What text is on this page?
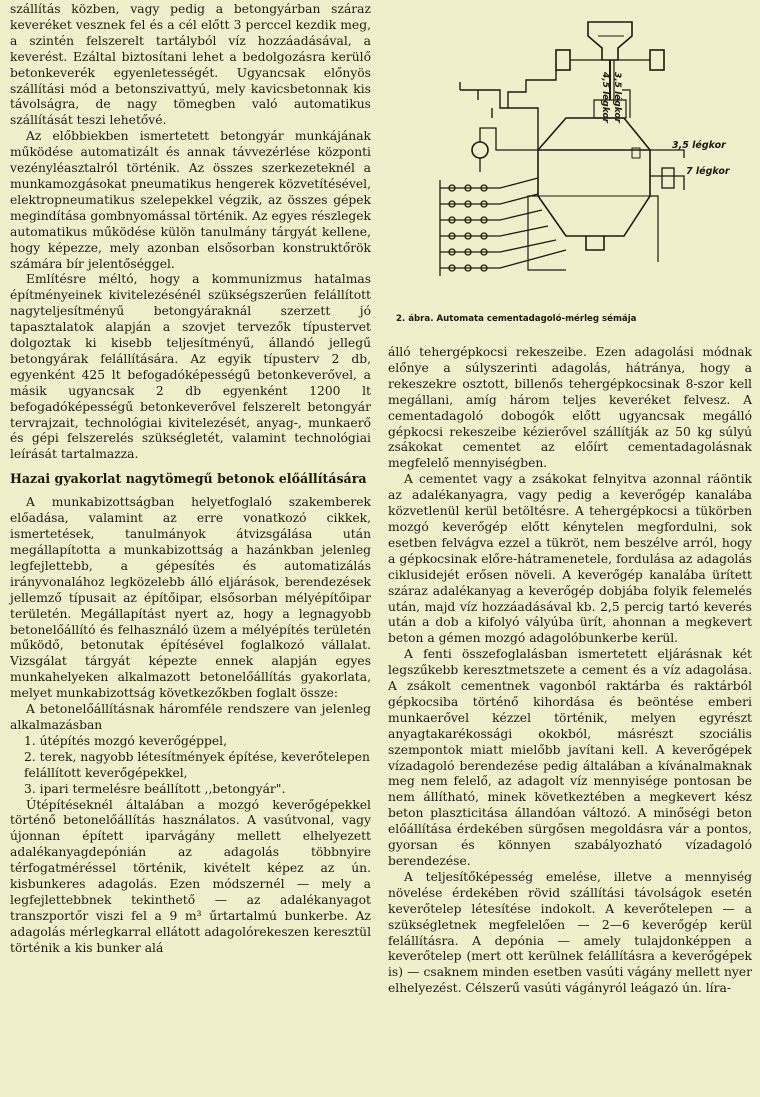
szállítás közben, vagy pedig a betongyárban száraz keveréket vesznek fel és a cél előtt 3 perccel kezdik meg, a szintén felszerelt tartályból víz hozzáadásával, a keverést. Ezáltal biztosítani lehet a bedolgozásra kerülő betonkeverék egyenletességét. Ugyancsak előnyös szállítási mód a betonszivattyú, mely kavicsbetonnak kis távolságra, de nagy tömegben való automatikus szállítását teszi lehetővé.

Az előbbiekben ismertetett betongyár munkájának működése automatizált és annak távvezérlése központi vezényléasztalról történik. Az összes szerkezeteknél a munkamozgásokat pneumatikus hengerek közvetítésével, elektropneumatikus szelepekkel végzik, az összes gépek megindítása gombnyomással történik. Az egyes részlegek automatikus működése külön tanulmány tárgyát kellene, hogy képezze, mely azonban elsősorban konstruktőrök számára bír jelentőséggel.

Említésre méltó, hogy a kommunizmus hatalmas építményeinek kivitelezésénél szükségszerűen felállított nagyteljesítményű betongyáraknál szerzett jó tapasztalatok alapján a szovjet tervezők típustervet dolgoztak ki kisebb teljesítményű, állandó jellegű betongyárak felállítására. Az egyik típusterv 2 db, egyenként 425 lt befogadóképességű betonkeverővel, a másik ugyancsak 2 db egyenként 1200 lt befogadóképességű betonkeverővel felszerelt betongyár tervrajzait, technológiai kivitelezését, anyag-, munkaerő és gépi felszerelés szükségletét, valamint technológiai leírását tartalmazza.

Hazai gyakorlat nagytömegű betonok előállítására

A munkabizottságban helyetfoglaló szakemberek előadása, valamint az erre vonatkozó cikkek, ismertetések, tanulmányok átvizsgálása után megállapította a munkabizottság a hazánkban jelenleg legfejlettebb, a gépesítés és automatizálás irányvonalához legközelebb álló eljárások, berendezések jellemző típusait az építőipar, elsősorban mélyépítőipar területén. Megállapítást nyert az, hogy a legnagyobb betonelőállító és felhasználó üzem a mélyépítés területén működő, betonutak építésével foglalkozó vállalat. Vizsgálat tárgyát képezte ennek alapján egyes munkahelyeken alkalmazott betonelőállítás gyakorlata, melyet munkabizottság következőkben foglalt össze:

A betonelőállításnak háromféle rendszere van jelenleg alkalmazásban

1. útépítés mozgó keverőgéppel,

2. terek, nagyobb létesítmények építése, keverőtelepen felállított keverőgépekkel,

3. ipari termelésre beállított ,,betongyár".

Útépítéseknél általában a mozgó keverőgépekkel történő betonelőállítás használatos. A vasútvonal, vagy újonnan épített iparvágány mellett elhelyezett adalékanyagdepónián az adagolás többnyire térfogatméréssel történik, kivételt képez az ún. kisbunkeres adagolás. Ezen módszernél — mely a legfejlettebbnek tekinthető — az adalékanyagot transzportőr viszi fel a 9 m³ űrtartalmú bunkerbe. Az adagolás mérlegkarral ellátott adagolórekeszen keresztül történik a kis bunker alá

3,5 légkor
7 légkor
4,5 légkor 3,5 légkor
2. ábra. Automata cementadagoló-mérleg sémája

álló tehergépkocsi rekeszeibe. Ezen adagolási módnak előnye a súlyszerinti adagolás, hátránya, hogy a rekeszekre osztott, billenős tehergépkocsinak 8-szor kell megállani, amíg három teljes keveréket felvesz. A cementadagoló dobogók előtt ugyancsak megálló gépkocsi rekeszeibe kézierővel szállítják az 50 kg súlyú zsákokat cementet az előírt cementadagolásnak megfelelő mennyiségben.

A cementet vagy a zsákokat felnyitva azonnal ráöntik az adalékanyagra, vagy pedig a keverőgép kanalába közvetlenül kerül betöltésre. A tehergépkocsi a tükörben mozgó keverőgép előtt kénytelen megfordulni, sok esetben felvágva ezzel a tükröt, nem beszélve arról, hogy a gépkocsinak előre-hátramenetele, fordulása az adagolás ciklusidejét erősen növeli. A keverőgép kanalába ürített száraz adalékanyag a keverőgép dobjába folyik felemelés után, majd víz hozzáadásával kb. 2,5 percig tartó keverés után a dob a kifolyó vályúba ürít, ahonnan a megkevert beton a gémen mozgó adagolóbunkerbe kerül.

A fenti összefoglalásban ismertetett eljárásnak két legszűkebb keresztmetszete a cement és a víz adagolása. A zsákolt cementnek vagonból raktárba és raktárból gépkocsiba történő kihordása és beöntése emberi munkaerővel kézzel történik, melyen egyrészt anyagtakarékossági okokból, másrészt szociális szempontok miatt mielőbb javítani kell. A keverőgépek vízadagoló berendezése pedig általában a kívánalmaknak meg nem felelő, az adagolt víz mennyisége pontosan be nem állítható, minek következtében a megkevert kész beton plaszticitása állandóan változó. A minőségi beton előállítása érdekében sürgősen megoldásra vár a pontos, gyorsan és könnyen szabályozható vízadagoló berendezése.

A teljesítőképesség emelése, illetve a mennyiség növelése érdekében rövid szállítási távolságok esetén keverőtelep létesítése indokolt. A keverőtelepen — a szükségletnek megfelelően — 2—6 keverőgép kerül felállításra. A depónia — amely tulajdonképpen a keverőtelep (mert ott kerülnek felállításra a keverőgépek is) — csaknem minden esetben vasúti vágány mellett nyer elhelyezést. Célszerű vasúti vágányról leágazó ún. líra-
